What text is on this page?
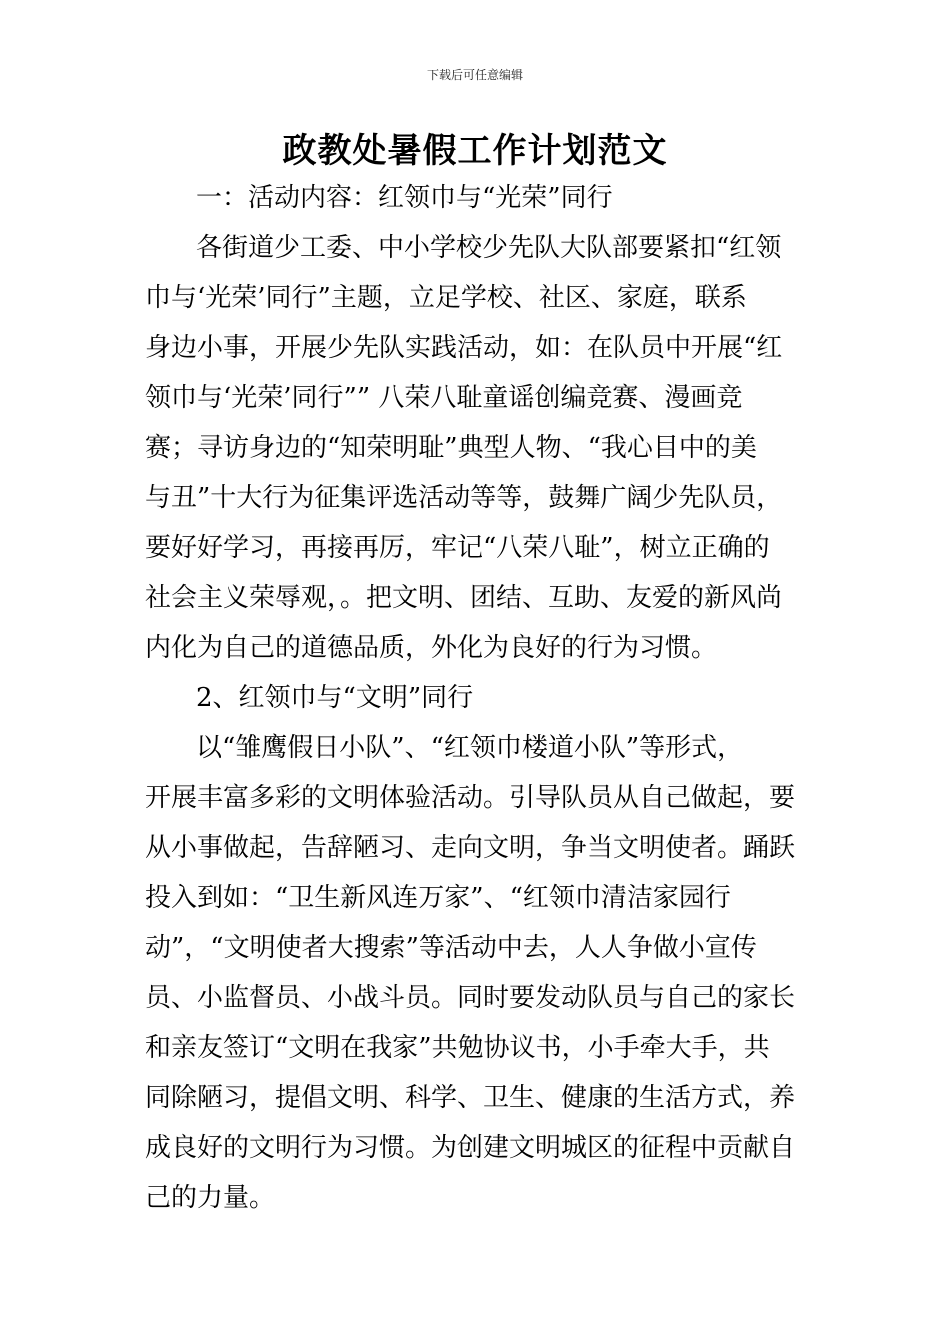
下载后可任意编辑
政教处暑假工作计划范文
一：活动内容：红领巾与“光荣”同行
各街道少工委、中小学校少先队大队部要紧扣“红领
巾与‘光荣’同行”主题，立足学校、社区、家庭，联系
身边小事，开展少先队实践活动，如：在队员中开展“红
领巾与‘光荣’同行”” 八荣八耻童谣创编竞赛、漫画竞
赛；寻访身边的“知荣明耻”典型人物、“我心目中的美
与丑”十大行为征集评选活动等等，鼓舞广阔少先队员，
要好好学习，再接再厉，牢记“八荣八耻”，树立正确的
社会主义荣辱观，。把文明、团结、互助、友爱的新风尚
内化为自己的道德品质，外化为良好的行为习惯。
2、红领巾与“文明”同行
以“雏鹰假日小队”、“红领巾楼道小队”等形式，
开展丰富多彩的文明体验活动。引导队员从自己做起，要
从小事做起，告辞陋习、走向文明，争当文明使者。踊跃
投入到如：“卫生新风连万家”、“红领巾清洁家园行
动”，“文明使者大搜索”等活动中去，人人争做小宣传
员、小监督员、小战斗员。同时要发动队员与自己的家长
和亲友签订“文明在我家”共勉协议书，小手牵大手，共
同除陋习，提倡文明、科学、卫生、健康的生活方式，养
成良好的文明行为习惯。为创建文明城区的征程中贡献自
己的力量。
